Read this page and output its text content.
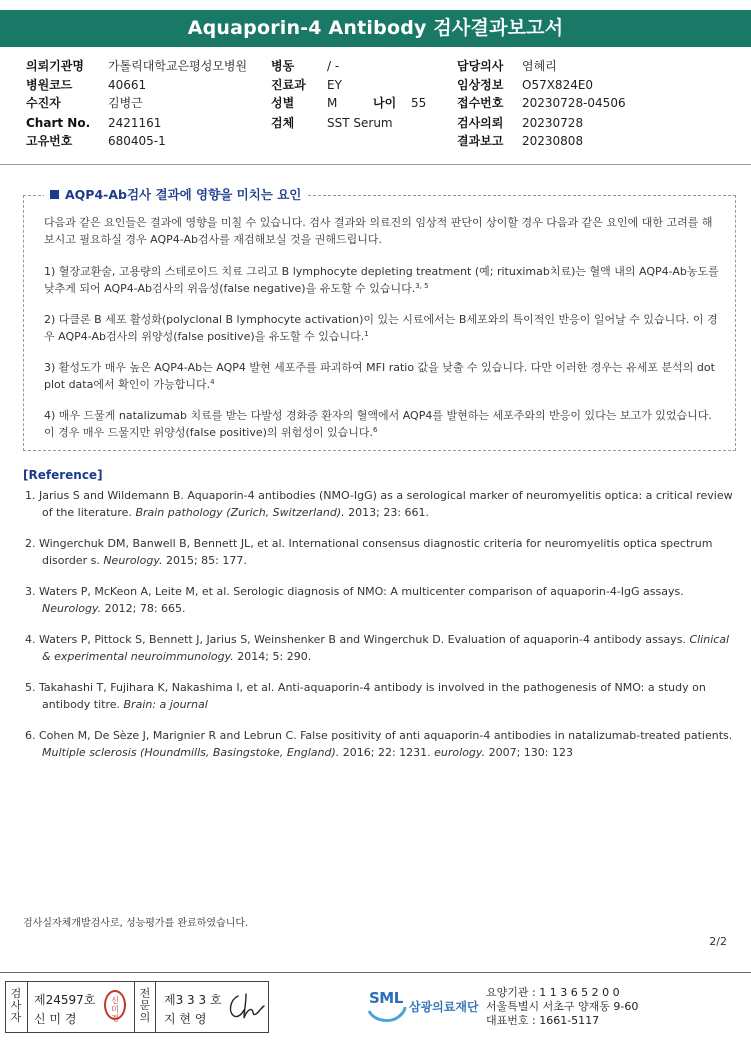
Aquaporin-4 Antibody 검사결과보고서
의뢰기관명 가톨릭대학교은평성모병원 병동	/ -	담당의사 염혜리
병원코드	40661	진료과 EY	임상정보 O57X824E0
수진자	김병근	성별	M	나이 55	접수번호 20230728-04506
Chart No. 2421161	검체	SST Serum	검사의뢰 20230728
고유번호	680405-1	결과보고 20230808
AQP4-Ab검사 결과에 영향을 미치는 요인
다음과 같은 요인들은 결과에 영향을 미칠 수 있습니다. 검사 결과와 의료진의 임상적 판단이 상이할 경우 다음과 같은 요인에 대한 고려를 해 보시고 필요하실 경우 AQP4-Ab검사를 재검해보실 것을 권해드립니다.
1) 혈장교환술, 고용량의 스테로이드 치료 그리고 B lymphocyte depleting treatment (예; rituximab치료)는 혈액 내의 AQP4-Ab농도를 낮추게 되어 AQP4-Ab검사의 위음성(false negative)을 유도할 수 있습니다.$^{3, 5}$
2) 다클론 B 세포 활성화(polyclonal B lymphocyte activation)이 있는 시료에서는 B세포와의 특이적인 반응이 일어날 수 있습니다. 이 경우 AQP4-Ab검사의 위양성(false positive)을 유도할 수 있습니다.$^1$
3) 활성도가 매우 높은 AQP4-Ab는 AQP4 발현 세포주를 파괴하여 MFI ratio 값을 낮출 수 있습니다. 다만 이러한 경우는 유세포 분석의 dot plot data에서 확인이 가능합니다.$^4$
4) 매우 드물게 natalizumab 치료를 받는 다발성 경화증 환자의 혈액에서 AQP4를 발현하는 세포주와의 반응이 있다는 보고가 있었습니다. 이 경우 매우 드물지만 위양성(false positive)의 위험성이 있습니다.$^6$
[Reference]
1. Jarius S and Wildemann B. Aquaporin-4 antibodies (NMO-IgG) as a serological marker of neuromyelitis optica: a critical review of the literature. Brain pathology (Zurich, Switzerland). 2013; 23: 661.
2. Wingerchuk DM, Banwell B, Bennett JL, et al. International consensus diagnostic criteria for neuromyelitis optica spectrum disorder s. Neurology. 2015; 85: 177.
3. Waters P, McKeon A, Leite M, et al. Serologic diagnosis of NMO: A multicenter comparison of aquaporin-4-IgG assays. Neurology. 2012; 78: 665.
4. Waters P, Pittock S, Bennett J, Jarius S, Weinshenker B and Wingerchuk D. Evaluation of aquaporin-4 antibody assays. Clinical & experimental neuroimmunology. 2014; 5: 290.
5. Takahashi T, Fujihara K, Nakashima I, et al. Anti-aquaporin-4 antibody is involved in the pathogenesis of NMO: a study on antibody titre. Brain: a journal
6. Cohen M, De Sèze J, Marignier R and Lebrun C. False positivity of anti aquaporin-4 antibodies in natalizumab-treated patients. Multiple sclerosis (Houndmills, Basingstoke, England). 2016; 22: 1231. eurology. 2007; 130: 123
검사실자체개발검사로, 성능평가를 완료하였습니다.
2/2
검
사
자
제24597호
신 미 경
신
미
경
전
문
의
제3 3 3 호
지 현 영
SML 삼광의료재단
요양기관 : 1 1 3 6 5 2 0 0
서울특별시 서초구 양재동 9-60
대표번호 : 1661-5117
